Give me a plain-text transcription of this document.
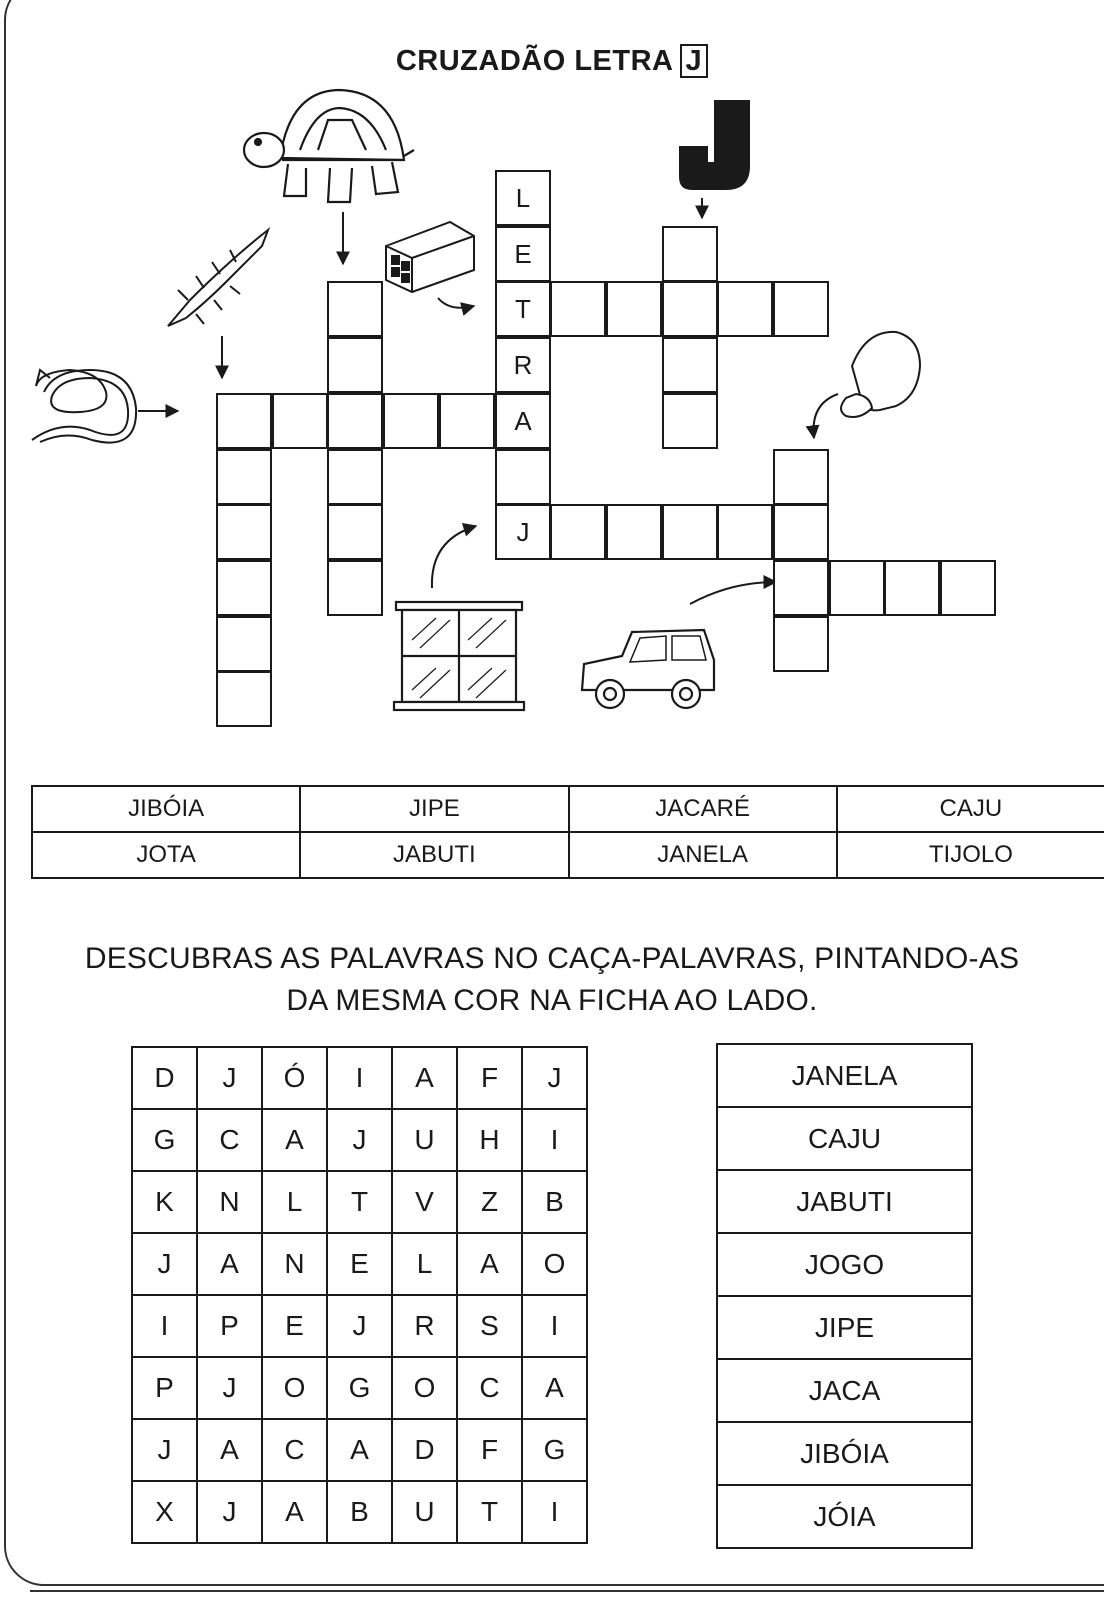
CRUZADÃO LETRA J
L
E
T
R
A
J
JIBÓIA	JIPE	JACARÉ	CAJU
JOTA	JABUTI	JANELA	TIJOLO
DESCUBRAS AS PALAVRAS NO CAÇA-PALAVRAS, PINTANDO-AS
DA MESMA COR NA FICHA AO LADO.
D	J	Ó	I	A	F	J
G	C	A	J	U	H	I
K	N	L	T	V	Z	B
J	A	N	E	L	A	O
I	P	E	J	R	S	I
P	J	O	G	O	C	A
J	A	C	A	D	F	G
X	J	A	B	U	T	I
JANELA
CAJU
JABUTI
JOGO
JIPE
JACA
JIBÓIA
JÓIA
